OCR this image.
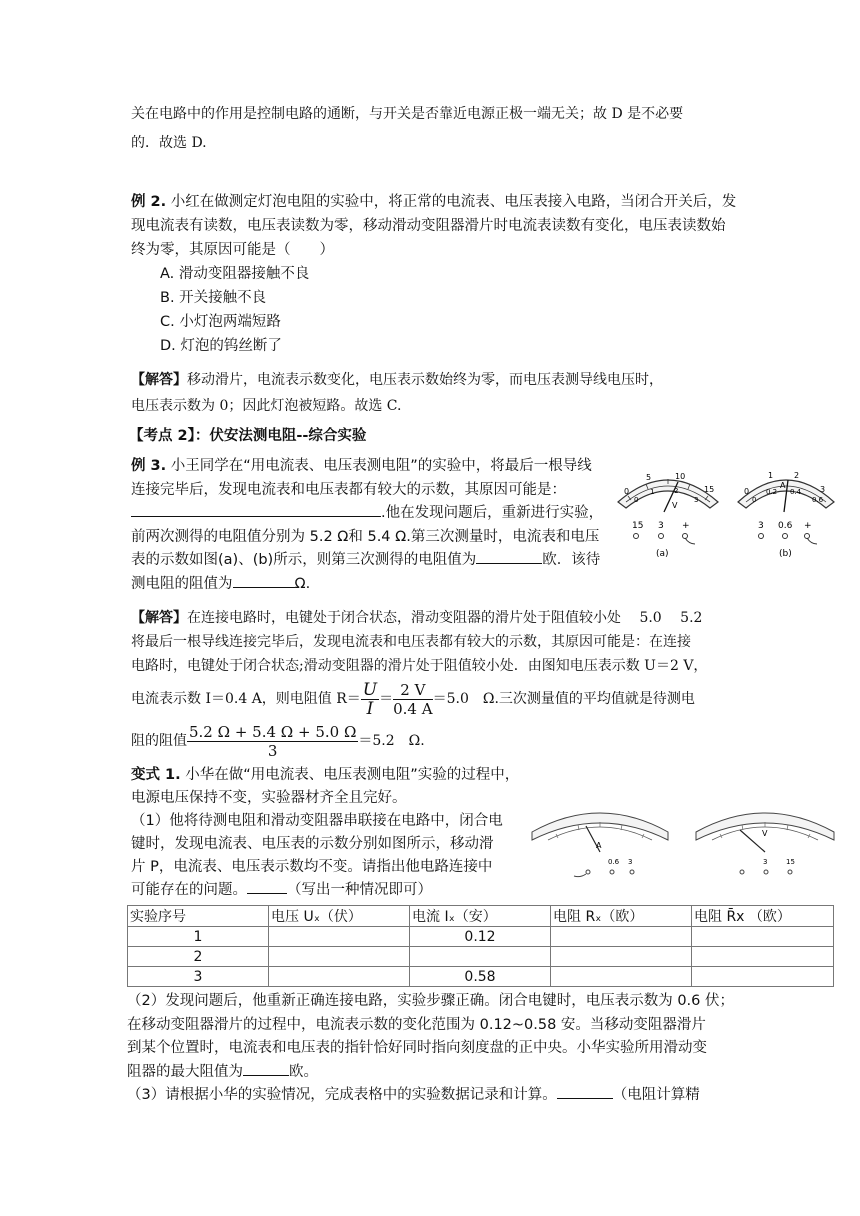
关在电路中的作用是控制电路的通断，与开关是否靠近电源正极一端无关；故 D 是不必要
的．故选 D.
例 2. 小红在做测定灯泡电阻的实验中，将正常的电流表、电压表接入电路，当闭合开关后，发
现电流表有读数，电压表读数为零，移动滑动变阻器滑片时电流表读数有变化，电压表读数始
终为零，其原因可能是（　　）
A. 滑动变阻器接触不良
B. 开关接触不良
C. 小灯泡两端短路
D. 灯泡的钨丝断了
【解答】移动滑片，电流表示数变化，电压表示数始终为零，而电压表测导线电压时，
电压表示数为 0；因此灯泡被短路。故选 C.
【考点 2】：伏安法测电阻--综合实验
例 3. 小王同学在“用电流表、电压表测电阻”的实验中，将最后一根导线
连接完毕后，发现电流表和电压表都有较大的示数，其原因可能是：
.他在发现问题后，重新进行实验，
前两次测得的电阻值分别为 5.2 Ω和 5.4 Ω.第三次测量时，电流表和电压
表的示数如图(a)、(b)所示，则第三次测得的电阻值为	欧．该待
测电阻的阻值为	Ω.
0
5	10
15
0
1	2
3
V
15 3 +
(a)
0
1	2
3
0
0.2 0.4
0.6
A
3 0.6 +
(b)
【解答】在连接电路时，电键处于闭合状态，滑动变阻器的滑片处于阻值较小处　 5.0　 5.2
将最后一根导线连接完毕后，发现电流表和电压表都有较大的示数，其原因可能是：在连接
电路时，电键处于闭合状态;滑动变阻器的滑片处于阻值较小处．由图知电压表示数 U＝2 V，
电流表示数 I＝0.4 A，则电阻值 $R= \frac{U}{I} = \frac{2 V}{0.4 A} =5.0$　Ω.三次测量值的平均值就是待测电
阻的阻值 $\frac{5.2 \Omega + 5.4 \Omega + 5.0 \Omega}{3} =5.2$　Ω.
变式 1. 小华在做“用电流表、电压表测电阻”实验的过程中，
电源电压保持不变，实验器材齐全且完好。
（1）他将待测电阻和滑动变阻器串联接在电路中，闭合电
键时，发现电流表、电压表的示数分别如图所示，移动滑
片 P，电流表、电压表示数均不变。请指出他电路连接中
可能存在的问题。	（写出一种情况即可）
A
0.6 3
V
3	15
实验序号	电压 Uₓ（伏）	电流 Iₓ（安）	电阻 Rₓ（欧）	电阻 R̄x （欧）
1		0.12		
2				
3		0.58		
（2）发现问题后，他重新正确连接电路，实验步骤正确。闭合电键时，电压表示数为 0.6 伏；
在移动变阻器滑片的过程中，电流表示数的变化范围为 0.12~0.58 安。当移动变阻器滑片
到某个位置时，电流表和电压表的指针恰好同时指向刻度盘的正中央。小华实验所用滑动变
阻器的最大阻值为	欧。
（3）请根据小华的实验情况，完成表格中的实验数据记录和计算。	（电阻计算精
